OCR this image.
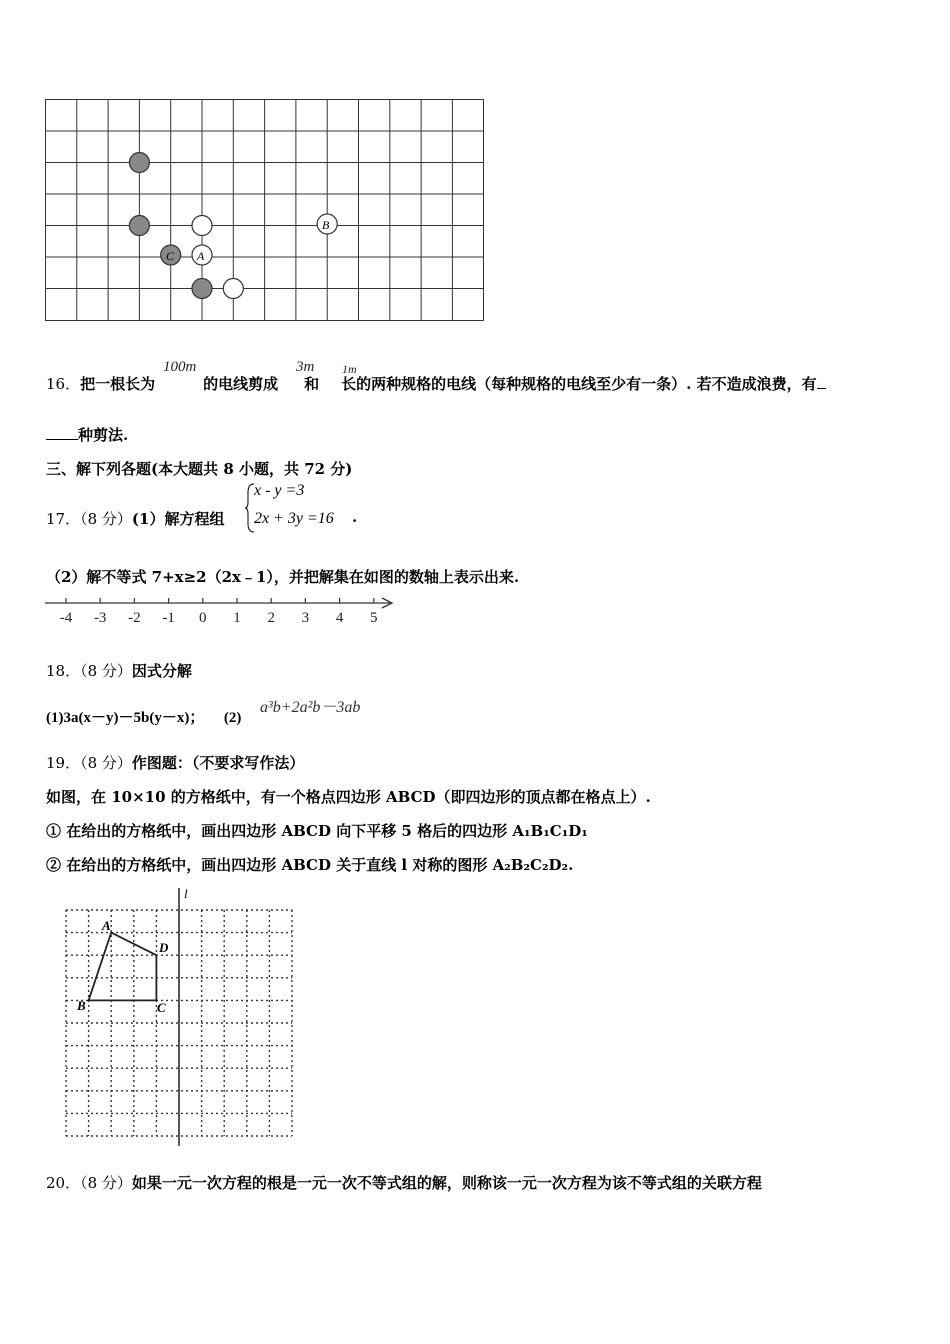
C A
B
16．把一根长为	的电线剪成 和 长的两种规格的电线（每种规格的电线至少有一条）. 若不造成浪费，有
100m	3m 1m
种剪法.
三、解下列各题(本大题共 8 小题，共 72 分)
17．（8 分）(1）解方程组
x - y =3
2x + 3y =16 ·
（2）解不等式 7+x≥2（2x﹣1），并把解集在如图的数轴上表示出来.
-4 -3 -2 -1 0 1 2 3 4 5
18．（8 分）因式分解
(1)3a(x－y)－5b(y－x)； (2)
a³b+2a²b－3ab
19．（8 分）作图题：（不要求写作法）
如图，在 10×10 的方格纸中，有一个格点四边形 ABCD（即四边形的顶点都在格点上）.
① 在给出的方格纸中，画出四边形 ABCD 向下平移 5 格后的四边形 A₁B₁C₁D₁
② 在给出的方格纸中，画出四边形 ABCD 关于直线 l 对称的图形 A₂B₂C₂D₂.
l
A
D
B	C
20．（8 分）如果一元一次方程的根是一元一次不等式组的解，则称该一元一次方程为该不等式组的关联方程
